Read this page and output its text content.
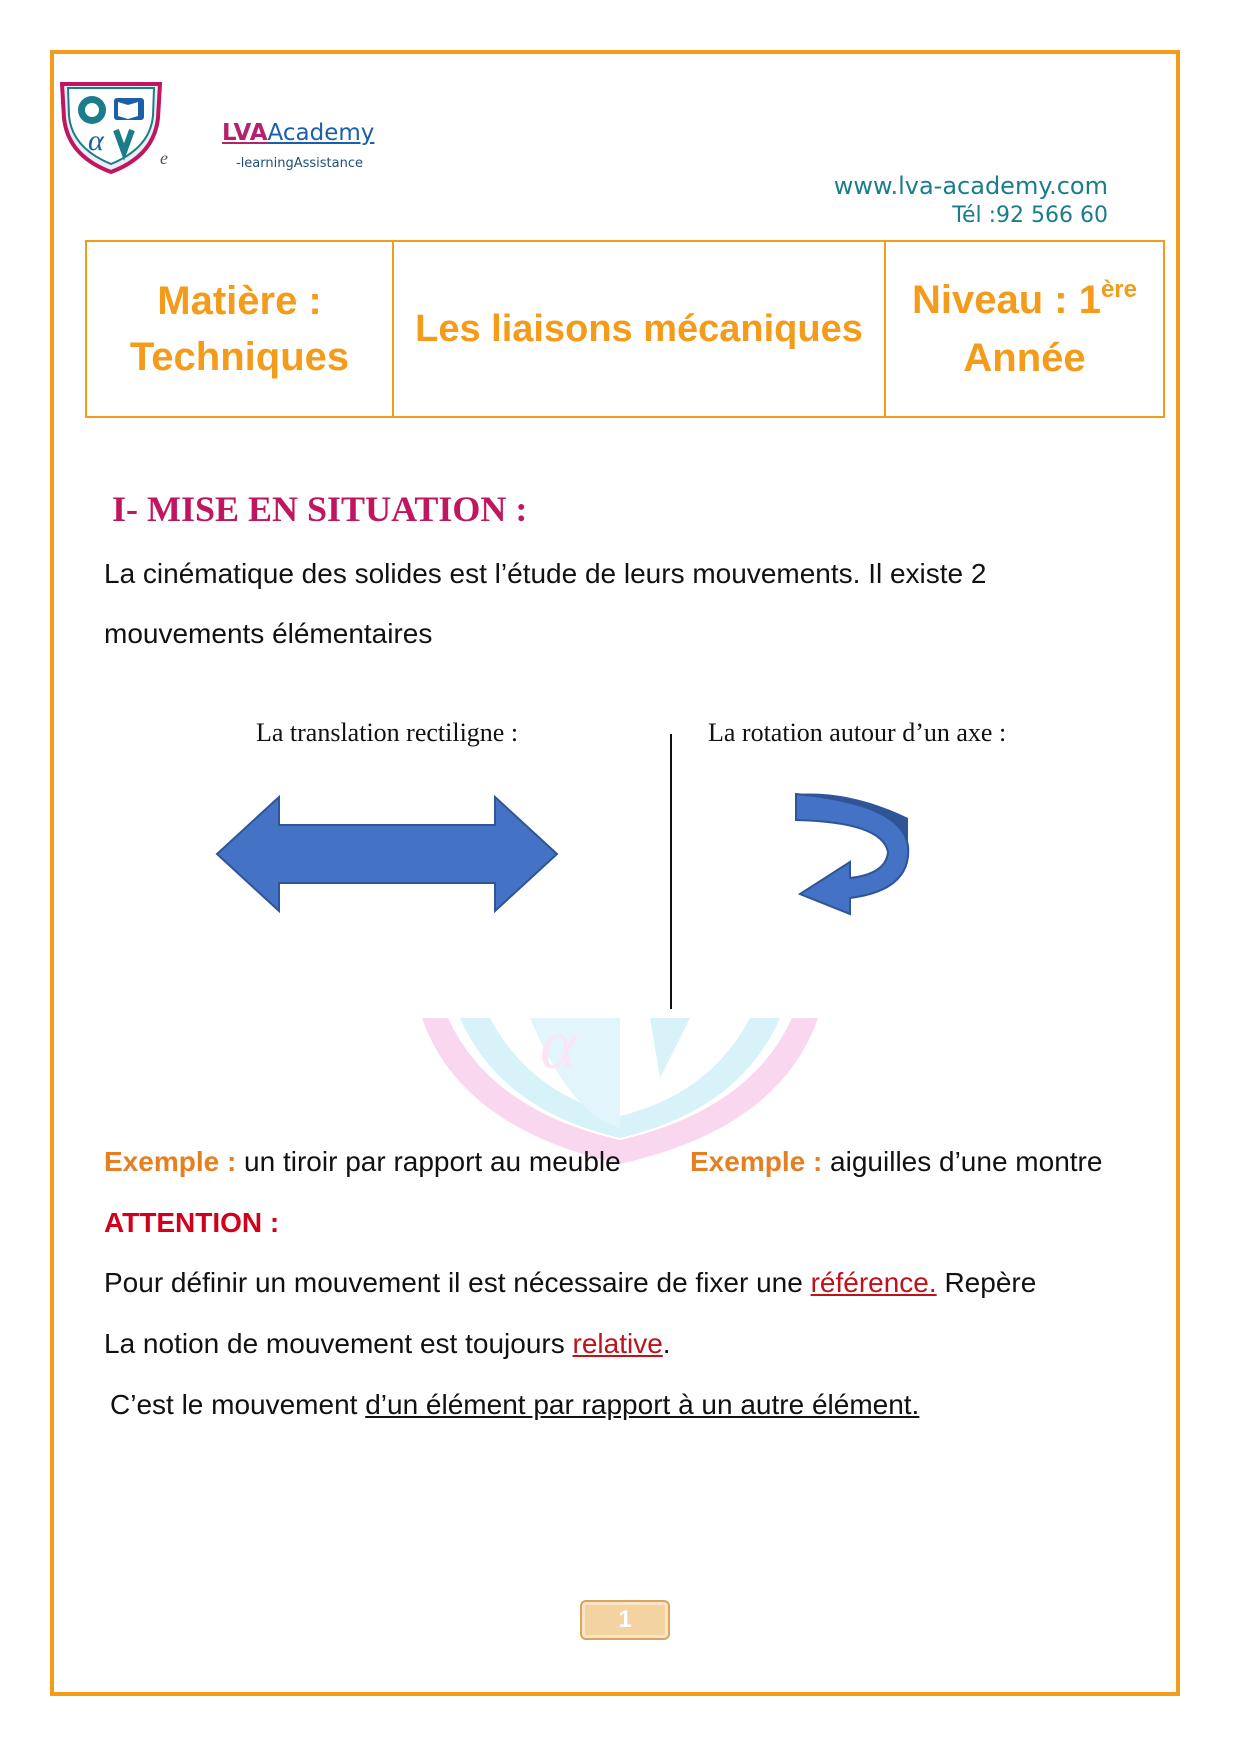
α
e
LVAAcademy
-learningAssistance
www.lva-academy.com
Tél :92 566 60
Matière :
Techniques
Les liaisons mécaniques
Niveau : 1ère
Année
I- MISE EN SITUATION :
La cinématique des solides est l’étude de leurs mouvements. Il existe 2
mouvements élémentaires
La translation rectiligne :	La rotation autour d’un axe :
α
Exemple : un tiroir par rapport au meuble Exemple : aiguilles d’une montre
ATTENTION :
Pour définir un mouvement il est nécessaire de fixer une référence. Repère
La notion de mouvement est toujours relative.
C’est le mouvement d’un élément par rapport à un autre élément.
1
